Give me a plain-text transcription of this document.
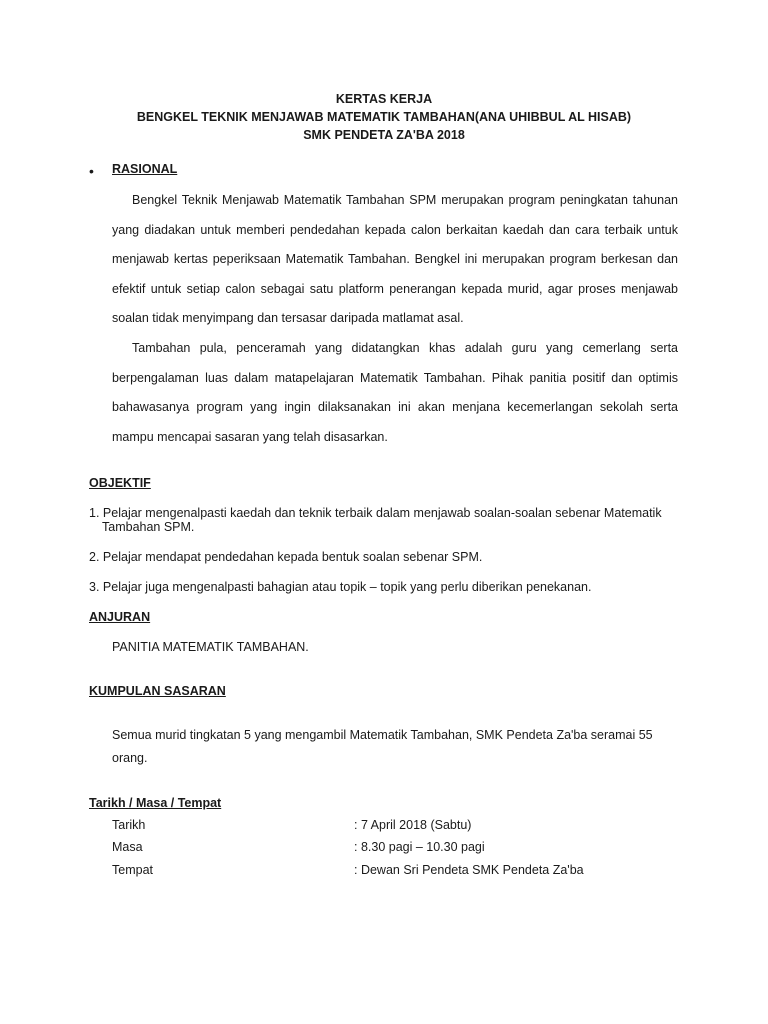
KERTAS KERJA
BENGKEL TEKNIK MENJAWAB MATEMATIK TAMBAHAN(ANA UHIBBUL AL HISAB)
SMK PENDETA ZA'BA 2018
• RASIONAL
Bengkel Teknik Menjawab Matematik Tambahan SPM merupakan program peningkatan tahunan yang diadakan untuk memberi pendedahan kepada calon berkaitan kaedah dan cara terbaik untuk menjawab kertas peperiksaan Matematik Tambahan. Bengkel ini merupakan program berkesan dan efektif untuk setiap calon sebagai satu platform penerangan kepada murid, agar proses menjawab soalan tidak menyimpang dan tersasar daripada matlamat asal.
Tambahan pula, penceramah yang didatangkan khas adalah guru yang cemerlang serta berpengalaman luas dalam matapelajaran Matematik Tambahan. Pihak panitia positif dan optimis bahawasanya program yang ingin dilaksanakan ini akan menjana kecemerlangan sekolah serta mampu mencapai sasaran yang telah disasarkan.
OBJEKTIF
1. Pelajar mengenalpasti kaedah dan teknik terbaik dalam menjawab soalan-soalan sebenar Matematik
Tambahan SPM.
2. Pelajar mendapat pendedahan kepada bentuk soalan sebenar SPM.
3. Pelajar juga mengenalpasti bahagian atau topik – topik yang perlu diberikan penekanan.
ANJURAN
PANITIA MATEMATIK TAMBAHAN.
KUMPULAN SASARAN
Semua murid tingkatan 5 yang mengambil Matematik Tambahan, SMK Pendeta Za'ba seramai 55
orang.
Tarikh / Masa / Tempat
Tarikh	: 7 April 2018 (Sabtu)
Masa	: 8.30 pagi – 10.30 pagi
Tempat	: Dewan Sri Pendeta SMK Pendeta Za'ba
